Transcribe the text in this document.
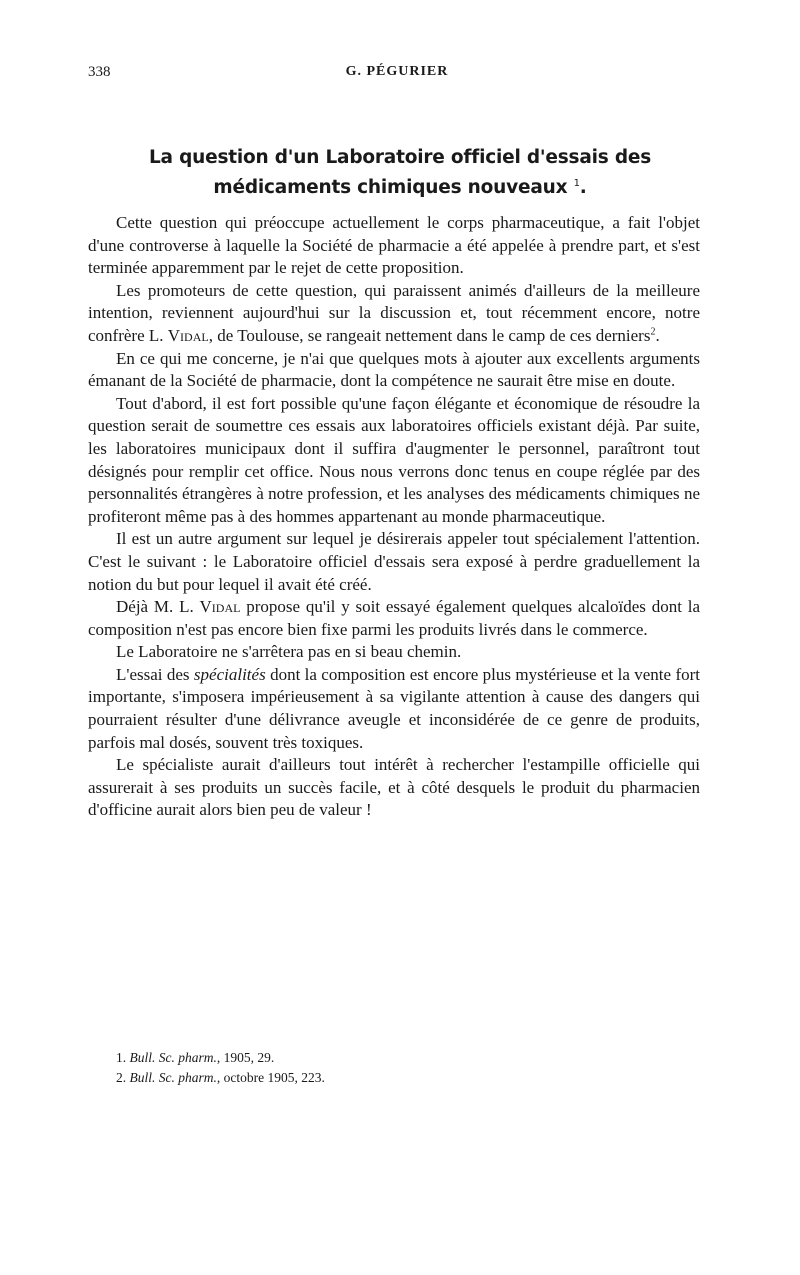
338	G. PÉGURIER
La question d'un Laboratoire officiel d'essais des médicaments chimiques nouveaux $^1$.

Cette question qui préoccupe actuellement le corps pharmaceutique, a fait l'objet d'une controverse à laquelle la Société de pharmacie a été appelée à prendre part, et s'est terminée apparemment par le rejet de cette proposition.

Les promoteurs de cette question, qui paraissent animés d'ailleurs de la meilleure intention, reviennent aujourd'hui sur la discussion et, tout récemment encore, notre confrère L. Vidal, de Toulouse, se rangeait nettement dans le camp de ces derniers$^2$.

En ce qui me concerne, je n'ai que quelques mots à ajouter aux excellents arguments émanant de la Société de pharmacie, dont la compétence ne saurait être mise en doute.

Tout d'abord, il est fort possible qu'une façon élégante et économique de résoudre la question serait de soumettre ces essais aux laboratoires officiels existant déjà. Par suite, les laboratoires municipaux dont il suffira d'augmenter le personnel, paraîtront tout désignés pour remplir cet office. Nous nous verrons donc tenus en coupe réglée par des personnalités étrangères à notre profession, et les analyses des médicaments chimiques ne profiteront même pas à des hommes appartenant au monde pharmaceutique.

Il est un autre argument sur lequel je désirerais appeler tout spécialement l'attention. C'est le suivant : le Laboratoire officiel d'essais sera exposé à perdre graduellement la notion du but pour lequel il avait été créé.

Déjà M. L. Vidal propose qu'il y soit essayé également quelques alcaloïdes dont la composition n'est pas encore bien fixe parmi les produits livrés dans le commerce.

Le Laboratoire ne s'arrêtera pas en si beau chemin.

L'essai des spécialités dont la composition est encore plus mystérieuse et la vente fort importante, s'imposera impérieusement à sa vigilante attention à cause des dangers qui pourraient résulter d'une délivrance aveugle et inconsidérée de ce genre de produits, parfois mal dosés, souvent très toxiques.

Le spécialiste aurait d'ailleurs tout intérêt à rechercher l'estampille officielle qui assurerait à ses produits un succès facile, et à côté desquels le produit du pharmacien d'officine aurait alors bien peu de valeur !

1. Bull. Sc. pharm., 1905, 29.
2. Bull. Sc. pharm., octobre 1905, 223.
